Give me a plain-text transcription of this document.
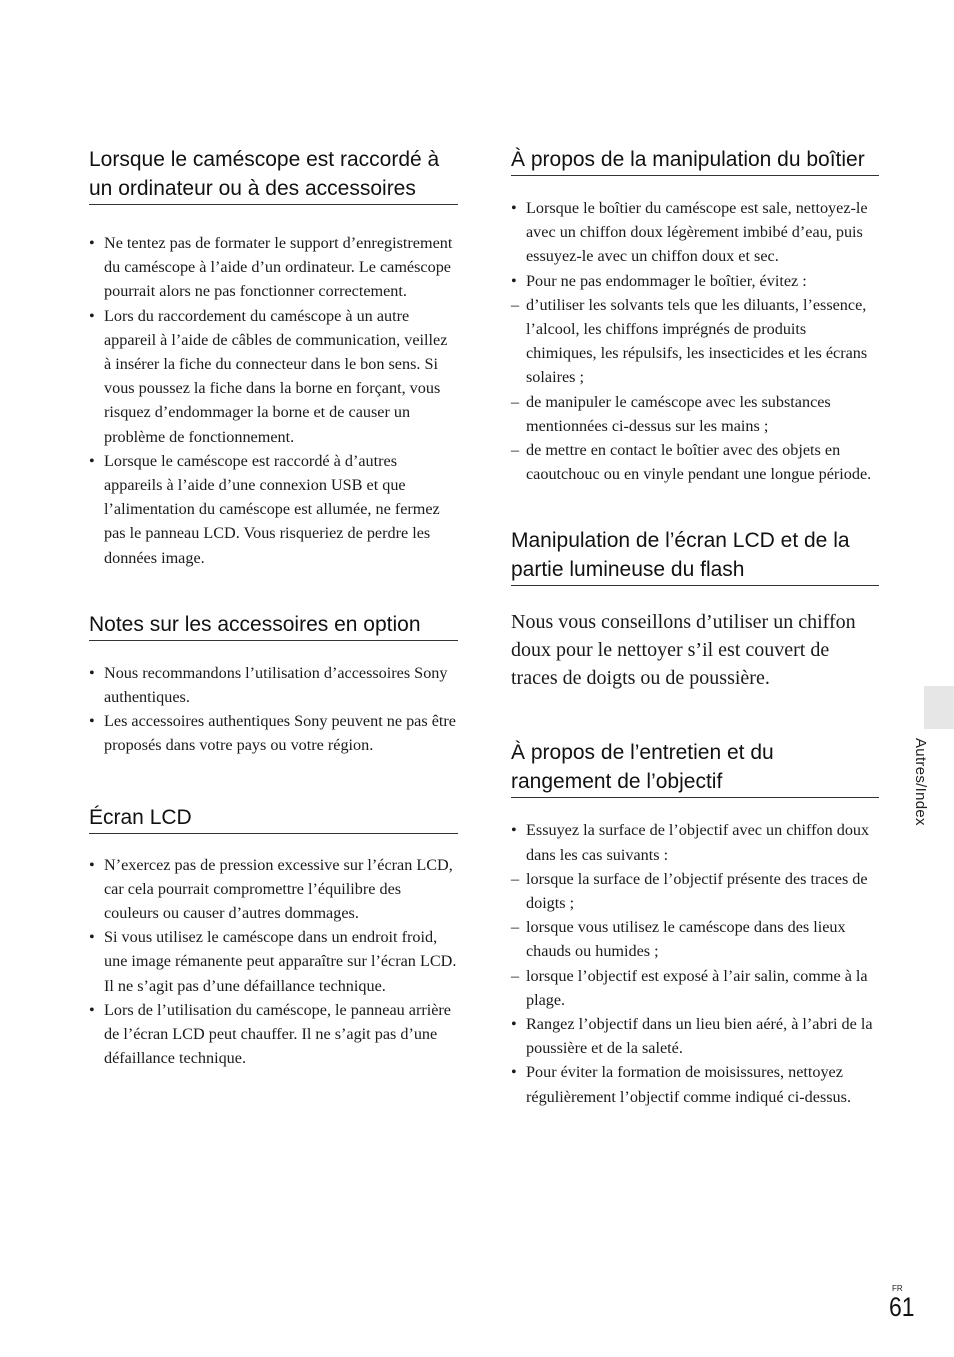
Lorsque le caméscope est raccordé à un ordinateur ou à des accessoires
• Ne tentez pas de formater le support d’enregistrement du caméscope à l’aide d’un ordinateur. Le caméscope pourrait alors ne pas fonctionner correctement.
• Lors du raccordement du caméscope à un autre appareil à l’aide de câbles de communication, veillez à insérer la fiche du connecteur dans le bon sens. Si vous poussez la fiche dans la borne en forçant, vous risquez d’endommager la borne et de causer un problème de fonctionnement.
• Lorsque le caméscope est raccordé à d’autres appareils à l’aide d’une connexion USB et que l’alimentation du caméscope est allumée, ne fermez pas le panneau LCD. Vous risqueriez de perdre les données image.
Notes sur les accessoires en option
• Nous recommandons l’utilisation d’accessoires Sony authentiques.
• Les accessoires authentiques Sony peuvent ne pas être proposés dans votre pays ou votre région.
Écran LCD
• N’exercez pas de pression excessive sur l’écran LCD, car cela pourrait compromettre l’équilibre des couleurs ou causer d’autres dommages.
• Si vous utilisez le caméscope dans un endroit froid, une image rémanente peut apparaître sur l’écran LCD. Il ne s’agit pas d’une défaillance technique.
• Lors de l’utilisation du caméscope, le panneau arrière de l’écran LCD peut chauffer. Il ne s’agit pas d’une défaillance technique.
À propos de la manipulation du boîtier
• Lorsque le boîtier du caméscope est sale, nettoyez-le avec un chiffon doux légèrement imbibé d’eau, puis essuyez-le avec un chiffon doux et sec.
• Pour ne pas endommager le boîtier, évitez :
– d’utiliser les solvants tels que les diluants, l’essence, l’alcool, les chiffons imprégnés de produits chimiques, les répulsifs, les insecticides et les écrans solaires ;
– de manipuler le caméscope avec les substances mentionnées ci-dessus sur les mains ;
– de mettre en contact le boîtier avec des objets en caoutchouc ou en vinyle pendant une longue période.
Manipulation de l’écran LCD et de la partie lumineuse du flash

Nous vous conseillons d’utiliser un chiffon doux pour le nettoyer s’il est couvert de traces de doigts ou de poussière.

À propos de l’entretien et du rangement de l’objectif
• Essuyez la surface de l’objectif avec un chiffon doux dans les cas suivants :
– lorsque la surface de l’objectif présente des traces de doigts ;
– lorsque vous utilisez le caméscope dans des lieux chauds ou humides ;
– lorsque l’objectif est exposé à l’air salin, comme à la plage.
• Rangez l’objectif dans un lieu bien aéré, à l’abri de la poussière et de la saleté.
• Pour éviter la formation de moisissures, nettoyez régulièrement l’objectif comme indiqué ci-dessus.
Autres/Index
FR
61
